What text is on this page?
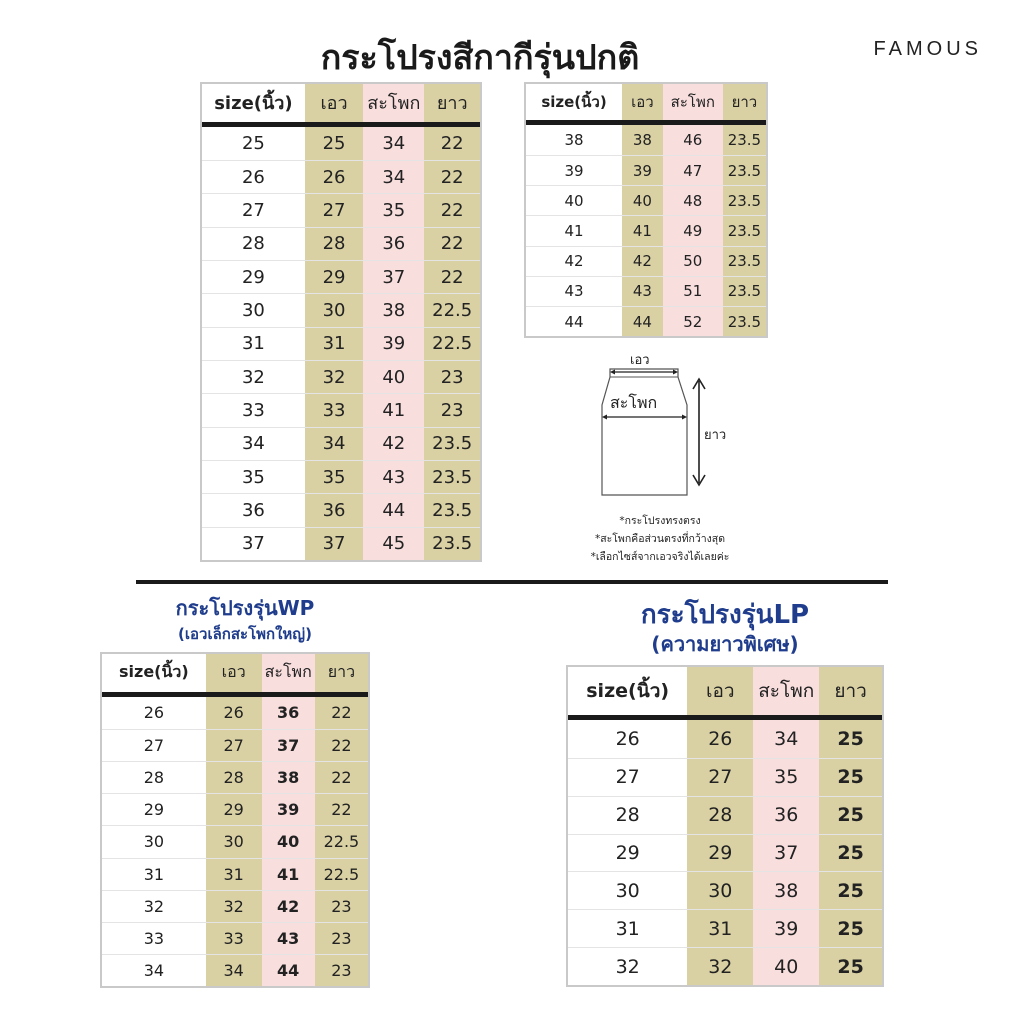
กระโปรงสีกากีรุ่นปกติ	FAMOUS
size(นิ้ว)	เอว	สะโพก	ยาว
25	25	34	22
26	26	34	22
27	27	35	22
28	28	36	22
29	29	37	22
30	30	38	22.5
31	31	39	22.5
32	32	40	23
33	33	41	23
34	34	42	23.5
35	35	43	23.5
36	36	44	23.5
37	37	45	23.5
size(นิ้ว)	เอว	สะโพก	ยาว
38	38	46	23.5
39	39	47	23.5
40	40	48	23.5
41	41	49	23.5
42	42	50	23.5
43	43	51	23.5
44	44	52	23.5
เอว
สะโพก
ยาว
*กระโปรงทรงตรง
*สะโพกคือส่วนตรงที่กว้างสุด
*เลือกไซส์จากเอวจริงได้เลยค่ะ
กระโปรงรุ่นWP
(เอวเล็กสะโพกใหญ่)
size(นิ้ว)	เอว	สะโพก	ยาว
26	26	36	22
27	27	37	22
28	28	38	22
29	29	39	22
30	30	40	22.5
31	31	41	22.5
32	32	42	23
33	33	43	23
34	34	44	23
กระโปรงรุ่นLP
(ความยาวพิเศษ)
size(นิ้ว)	เอว	สะโพก	ยาว
26	26	34	25
27	27	35	25
28	28	36	25
29	29	37	25
30	30	38	25
31	31	39	25
32	32	40	25
